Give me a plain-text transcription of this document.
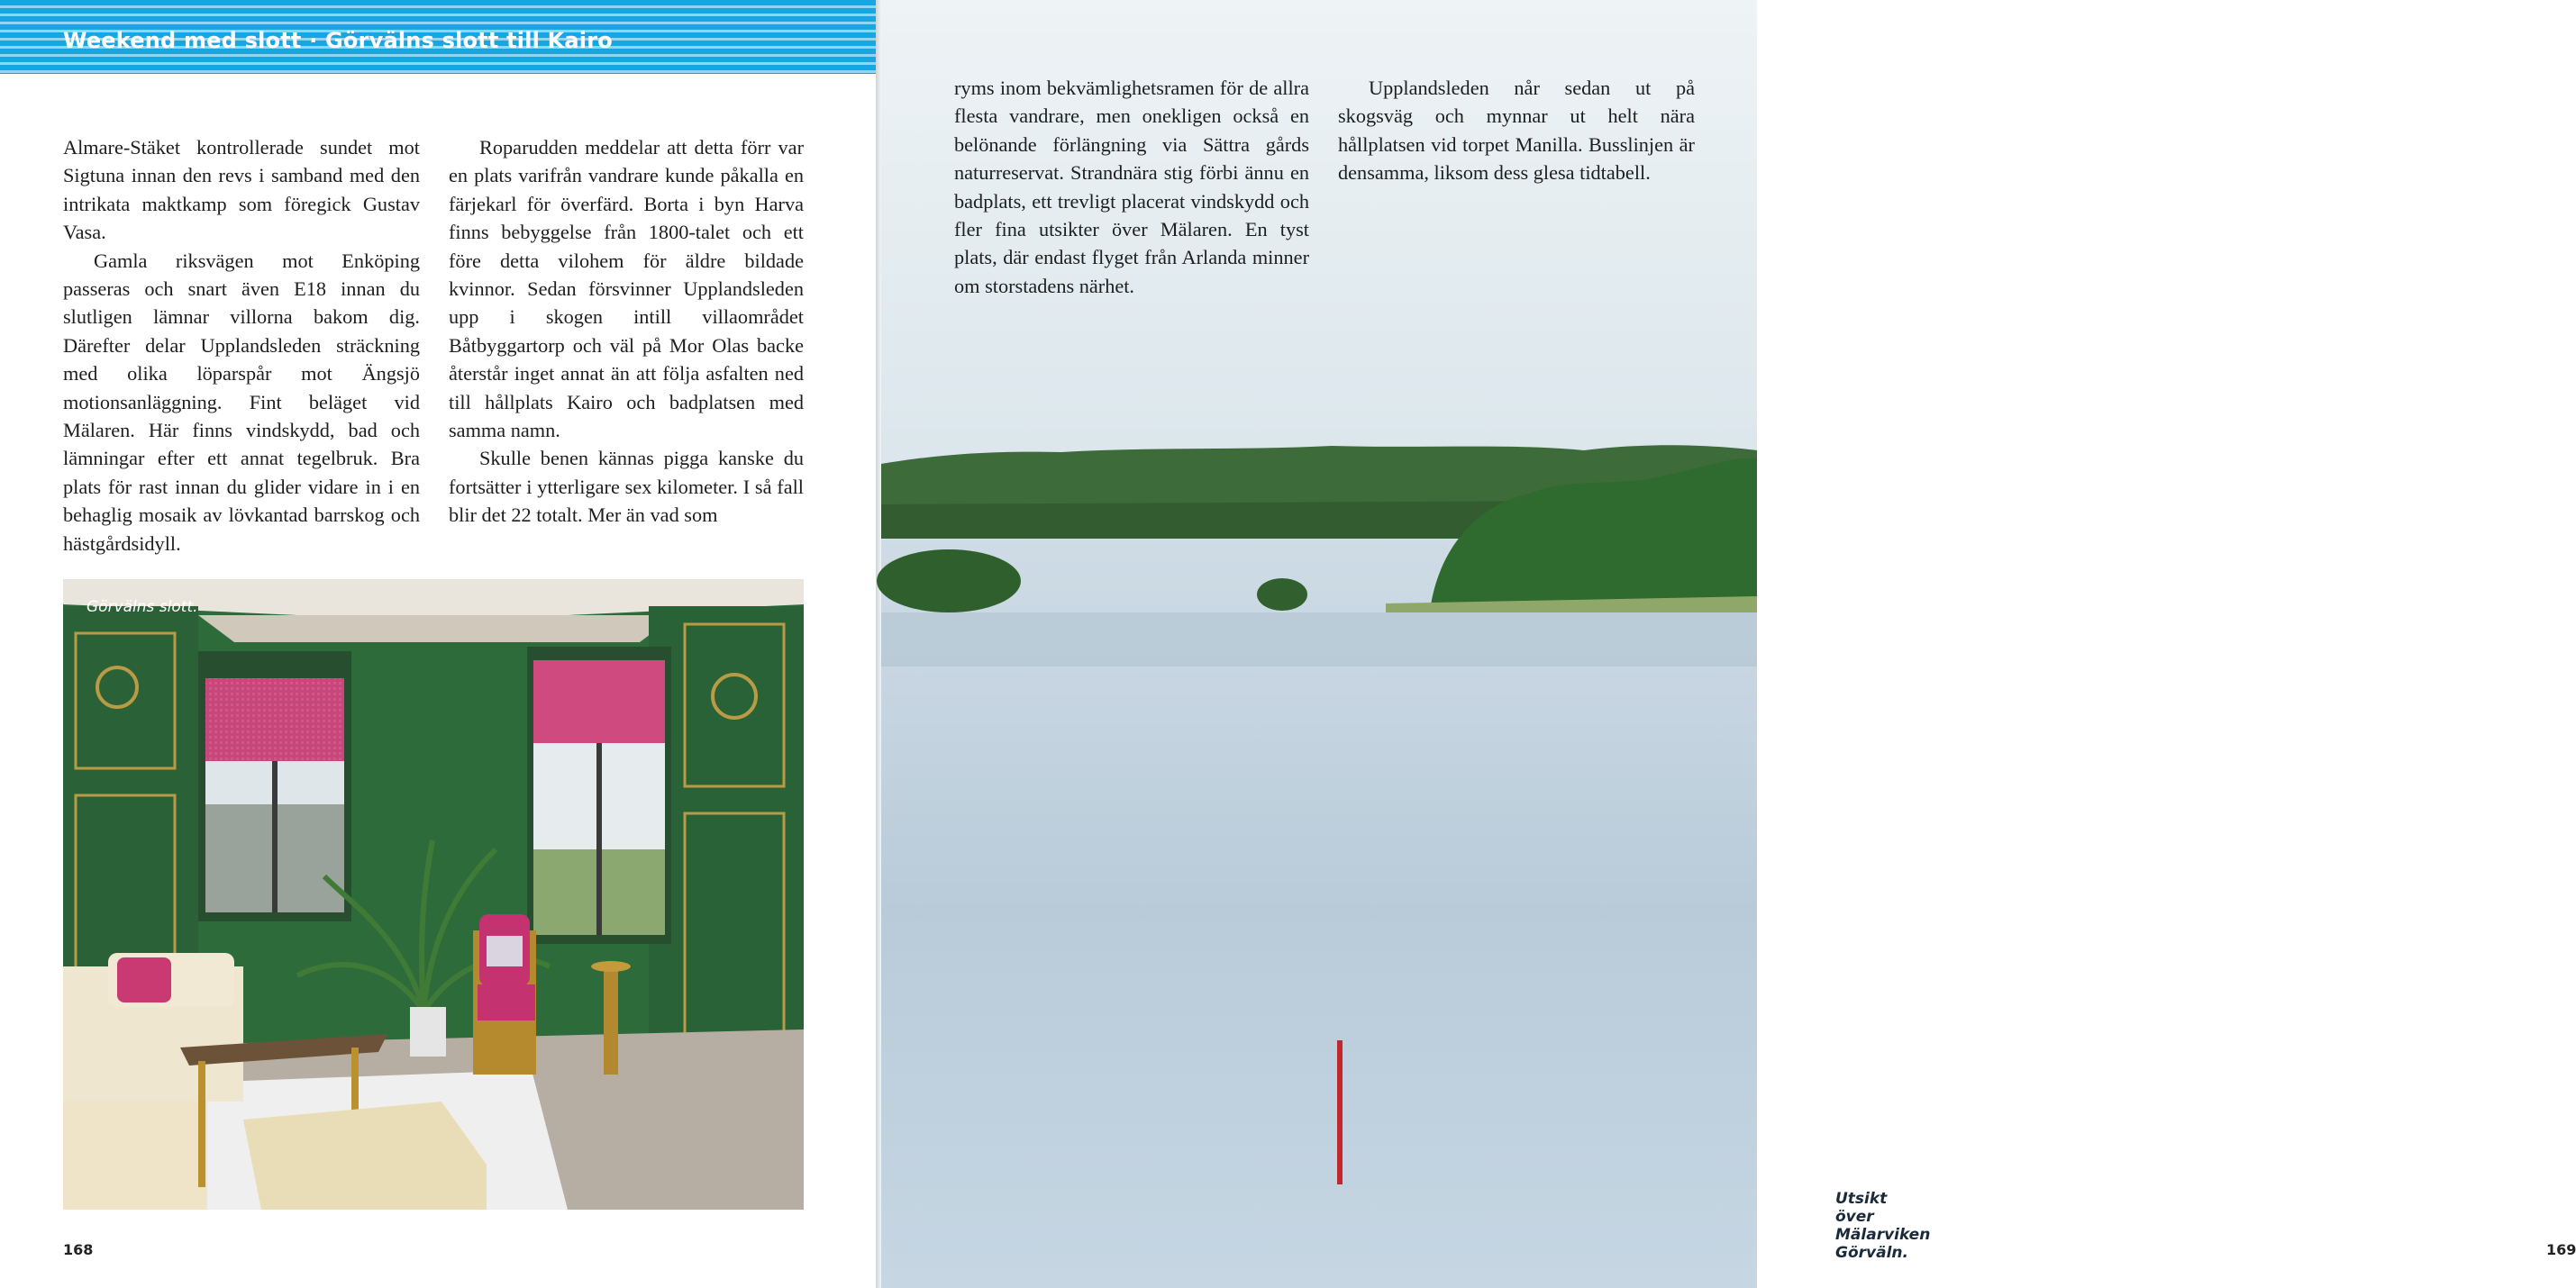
Weekend med slott · Görvälns slott till Kairo

Almare-Stäket kontrollerade sundet mot Sigtuna innan den revs i samband med den intrikata maktkamp som föregick Gustav Vasa.

Gamla riksvägen mot Enköping passeras och snart även E18 innan du slutligen lämnar villorna bakom dig. Därefter delar Upplandsleden sträckning med olika löparspår mot Ängsjö motionsanläggning. Fint beläget vid Mälaren. Här finns vindskydd, bad och lämningar efter ett annat tegelbruk. Bra plats för rast innan du glider vidare in i en behaglig mosaik av lövkantad barrskog och hästgårdsidyll.

Roparudden meddelar att detta förr var en plats varifrån vandrare kunde påkalla en färjekarl för överfärd. Borta i byn Harva finns bebyggelse från 1800-talet och ett före detta vilohem för äldre bildade kvinnor. Sedan försvinner Upplandsleden upp i skogen intill villaområdet Båtbyggartorp och väl på Mor Olas backe återstår inget annat än att följa asfalten ned till hållplats Kairo och badplatsen med samma namn.

Skulle benen kännas pigga kanske du fortsätter i ytterligare sex kilometer. I så fall blir det 22 totalt. Mer än vad som

Görvälns slott.
168
Utsikt över Mälarviken Görväln.	169

ryms inom bekvämlighetsramen för de allra flesta vandrare, men onekligen också en belönande förlängning via Sättra gårds naturreservat. Strandnära stig förbi ännu en badplats, ett trevligt placerat vindskydd och fler fina utsikter över Mälaren. En tyst plats, där endast flyget från Arlanda minner om storstadens närhet.

Upplandsleden når sedan ut på skogsväg och mynnar ut helt nära hållplatsen vid torpet Manilla. Busslinjen är densamma, liksom dess glesa tidtabell.
